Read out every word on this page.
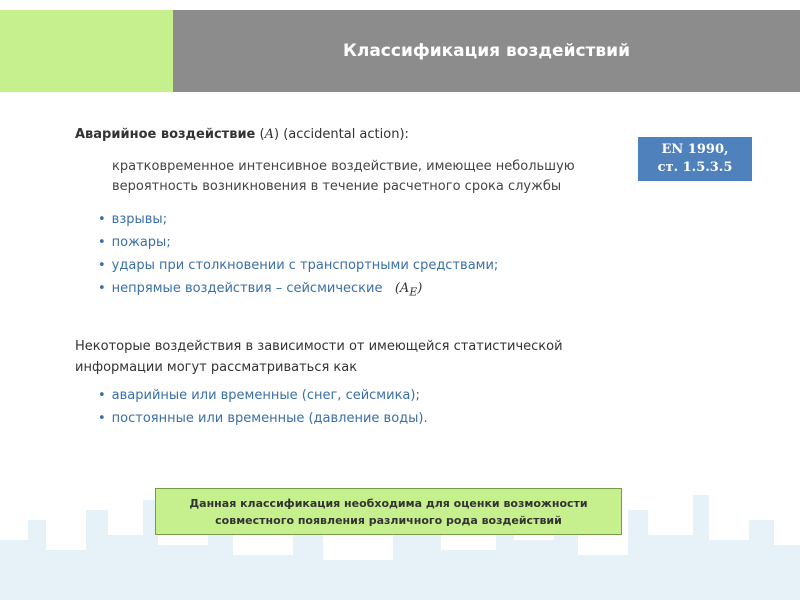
Классификация воздействий
Аварийное воздействие (A) (accidental action):
кратковременное интенсивное воздействие, имеющее небольшую вероятность возникновения в течение расчетного срока службы
• взрывы;
• пожары;
• удары при столкновении с транспортными средствами;
• непрямые воздействия – сейсмические $(A_E)$
Некоторые воздействия в зависимости от имеющейся статистической информации могут рассматриваться как
• аварийные или временные (снег, сейсмика);
• постоянные или временные (давление воды).
EN 1990,
ст. 1.5.3.5
Данная классификация необходима для оценки возможности совместного появления различного рода воздействий
